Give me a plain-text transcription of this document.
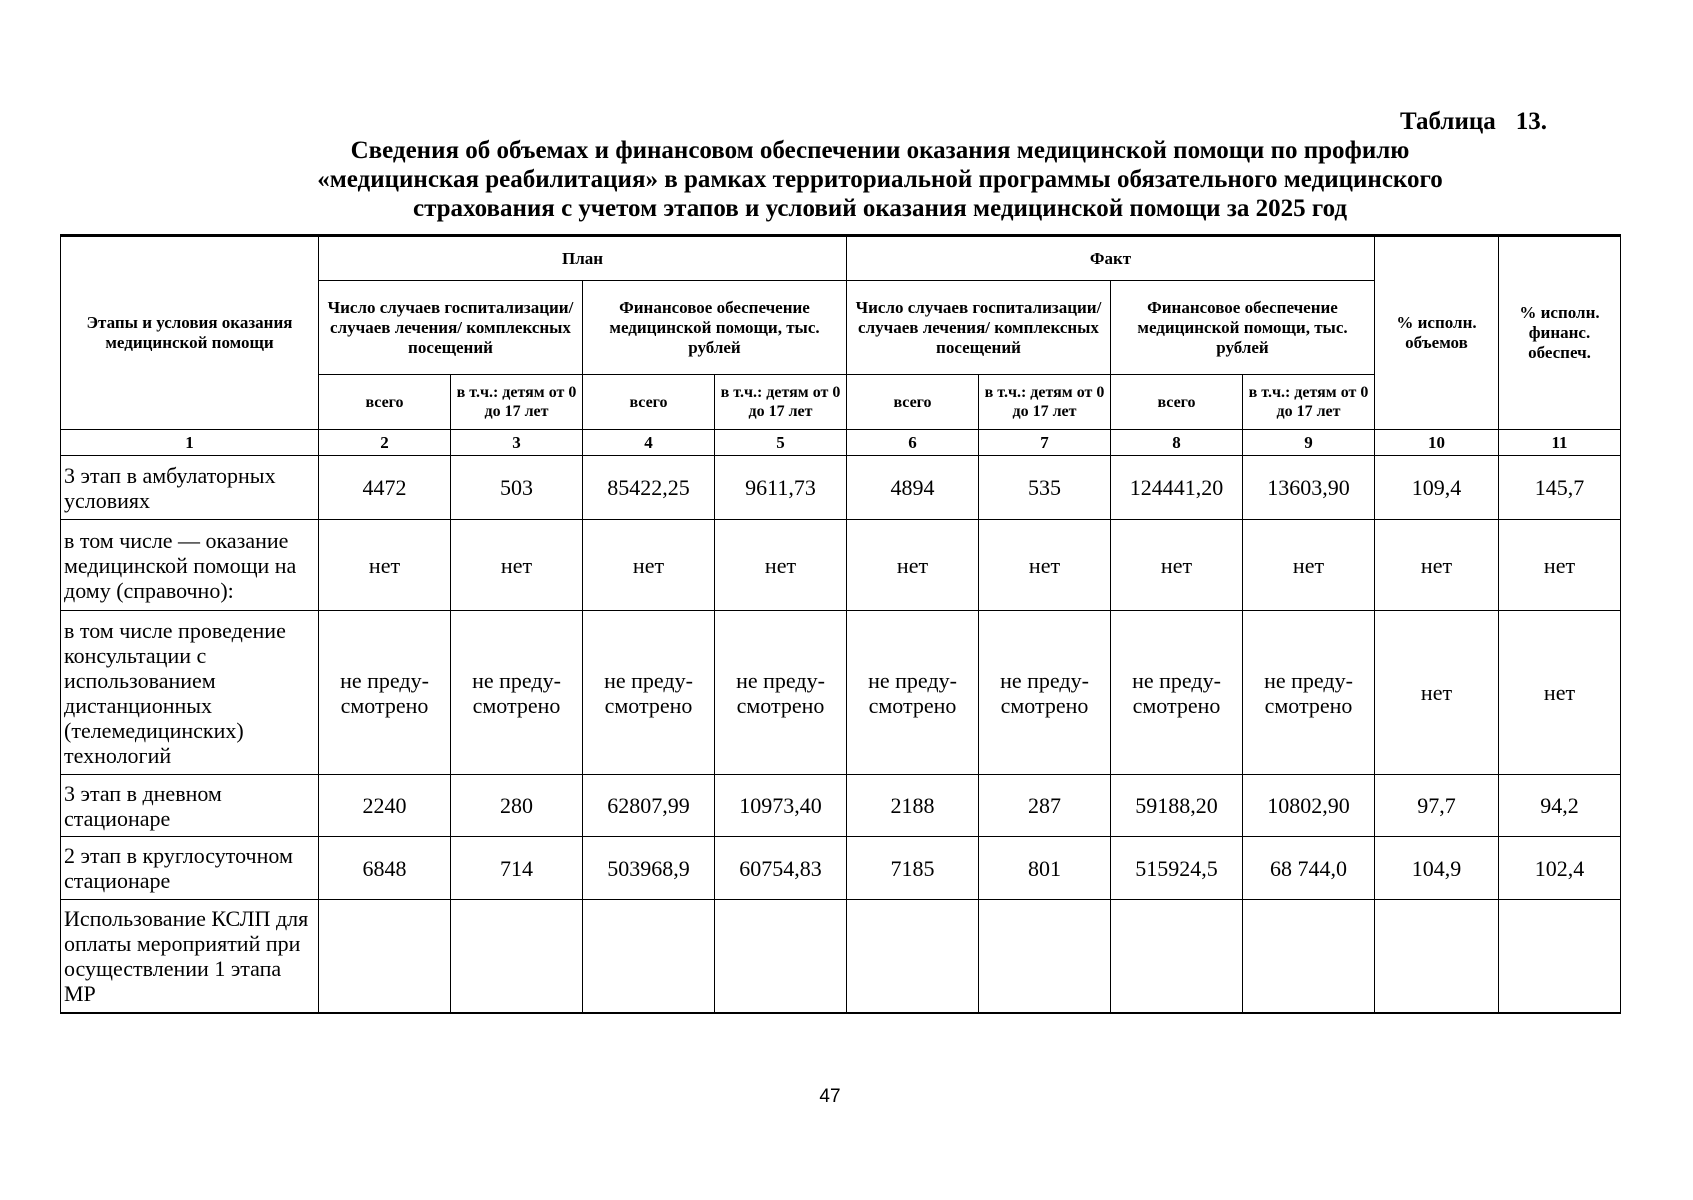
Таблица 13.
Сведения об объемах и финансовом обеспечении оказания медицинской помощи по профилю
«медицинская реабилитация» в рамках территориальной программы обязательного медицинского
страхования с учетом этапов и условий оказания медицинской помощи за 2025 год
Этапы и условия оказания медицинской помощи	План				Факт				% исполн. объемов	% исполн. финанс. обеспеч.
	Число случаев госпитализации/ случаев лечения/ комплексных посещений		Финансовое обеспечение медицинской помощи, тыс. рублей		Число случаев госпитализации/ случаев лечения/ комплексных посещений		Финансовое обеспечение медицинской помощи, тыс. рублей			
	всего	в т.ч.: детям от 0 до 17 лет	всего	в т.ч.: детям от 0 до 17 лет	всего	в т.ч.: детям от 0 до 17 лет	всего	в т.ч.: детям от 0 до 17 лет		
1	2	3	4	5	6	7	8	9	10	11
3 этап в амбулаторных условиях	4472	503	85422,25	9611,73	4894	535	124441,20	13603,90	109,4	145,7
в том числе — оказание медицинской помощи на дому (справочно):	нет	нет	нет	нет	нет	нет	нет	нет	нет	нет
в том числе проведение консультации с использованием дистанционных (телемедицинских) технологий	не преду-смотрено	не преду-смотрено	не преду-смотрено	не преду-смотрено	не преду-смотрено	не преду-смотрено	не преду-смотрено	не преду-смотрено	нет	нет
3 этап в дневном стационаре	2240	280	62807,99	10973,40	2188	287	59188,20	10802,90	97,7	94,2
2 этап в круглосуточном стационаре	6848	714	503968,9	60754,83	7185	801	515924,5	68 744,0	104,9	102,4
Использование КСЛП для оплаты мероприятий при осуществлении 1 этапа МР										
47
